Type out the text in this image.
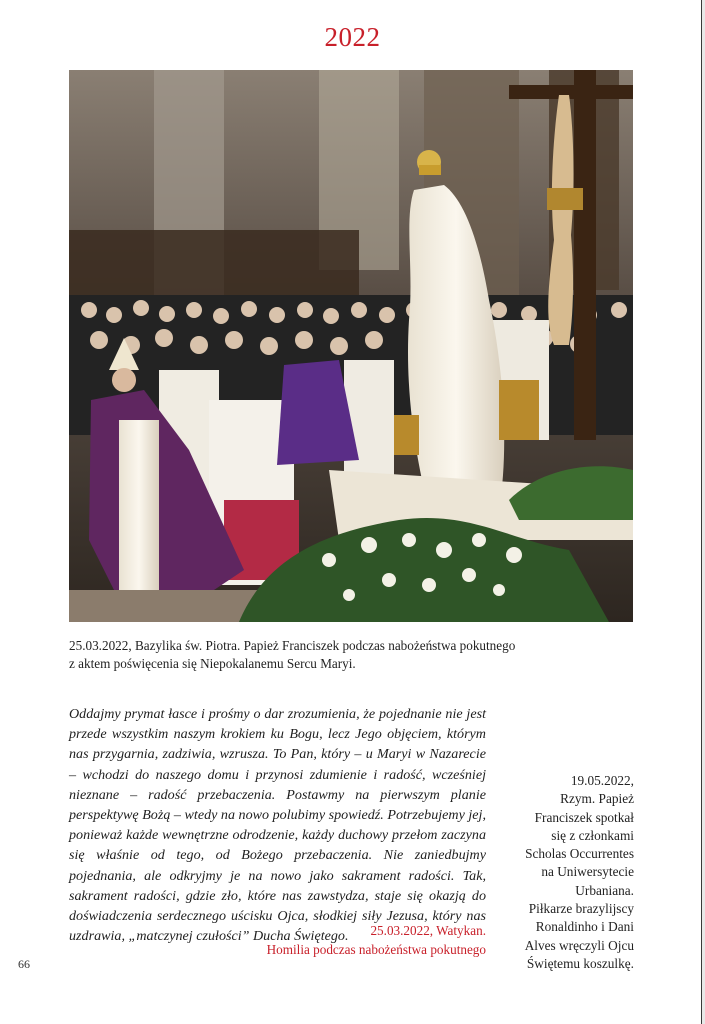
2022
25.03.2022, Bazylika św. Piotra. Papież Franciszek podczas nabożeństwa pokutnego
z aktem poświęcenia się Niepokalanemu Sercu Maryi.
Oddajmy prymat łasce i prośmy o dar zrozumienia, że pojednanie nie jest przede wszystkim naszym krokiem ku Bogu, lecz Jego objęciem, którym nas przygarnia, zadziwia, wzrusza. To Pan, który – u Maryi w Nazarecie – wchodzi do naszego domu i przynosi zdumienie i radość, wcześniej nieznane – radość przebaczenia. Postawmy na pierwszym planie perspektywę Bożą – wtedy na nowo polubimy spowiedź. Potrzebujemy jej, ponieważ każde wewnętrzne odrodzenie, każdy duchowy przełom zaczyna się właśnie od tego, od Bożego przebaczenia. Nie zaniedbujmy pojednania, ale odkryjmy je na nowo jako sakrament radości. Tak, sakrament radości, gdzie zło, które nas zawstydza, staje się okazją do doświadczenia serdecznego uścisku Ojca, słodkiej siły Jezusa, który nas uzdrawia, „matczynej czułości” Ducha Świętego.	25.03.2022, Watykan.
Homilia podczas nabożeństwa pokutnego
19.05.2022,
Rzym. Papież
Franciszek spotkał
się z członkami
Scholas Occurrentes
na Uniwersytecie
Urbaniana.
Piłkarze brazylijscy
Ronaldinho i Dani
Alves wręczyli Ojcu
Świętemu koszulkę.
66
